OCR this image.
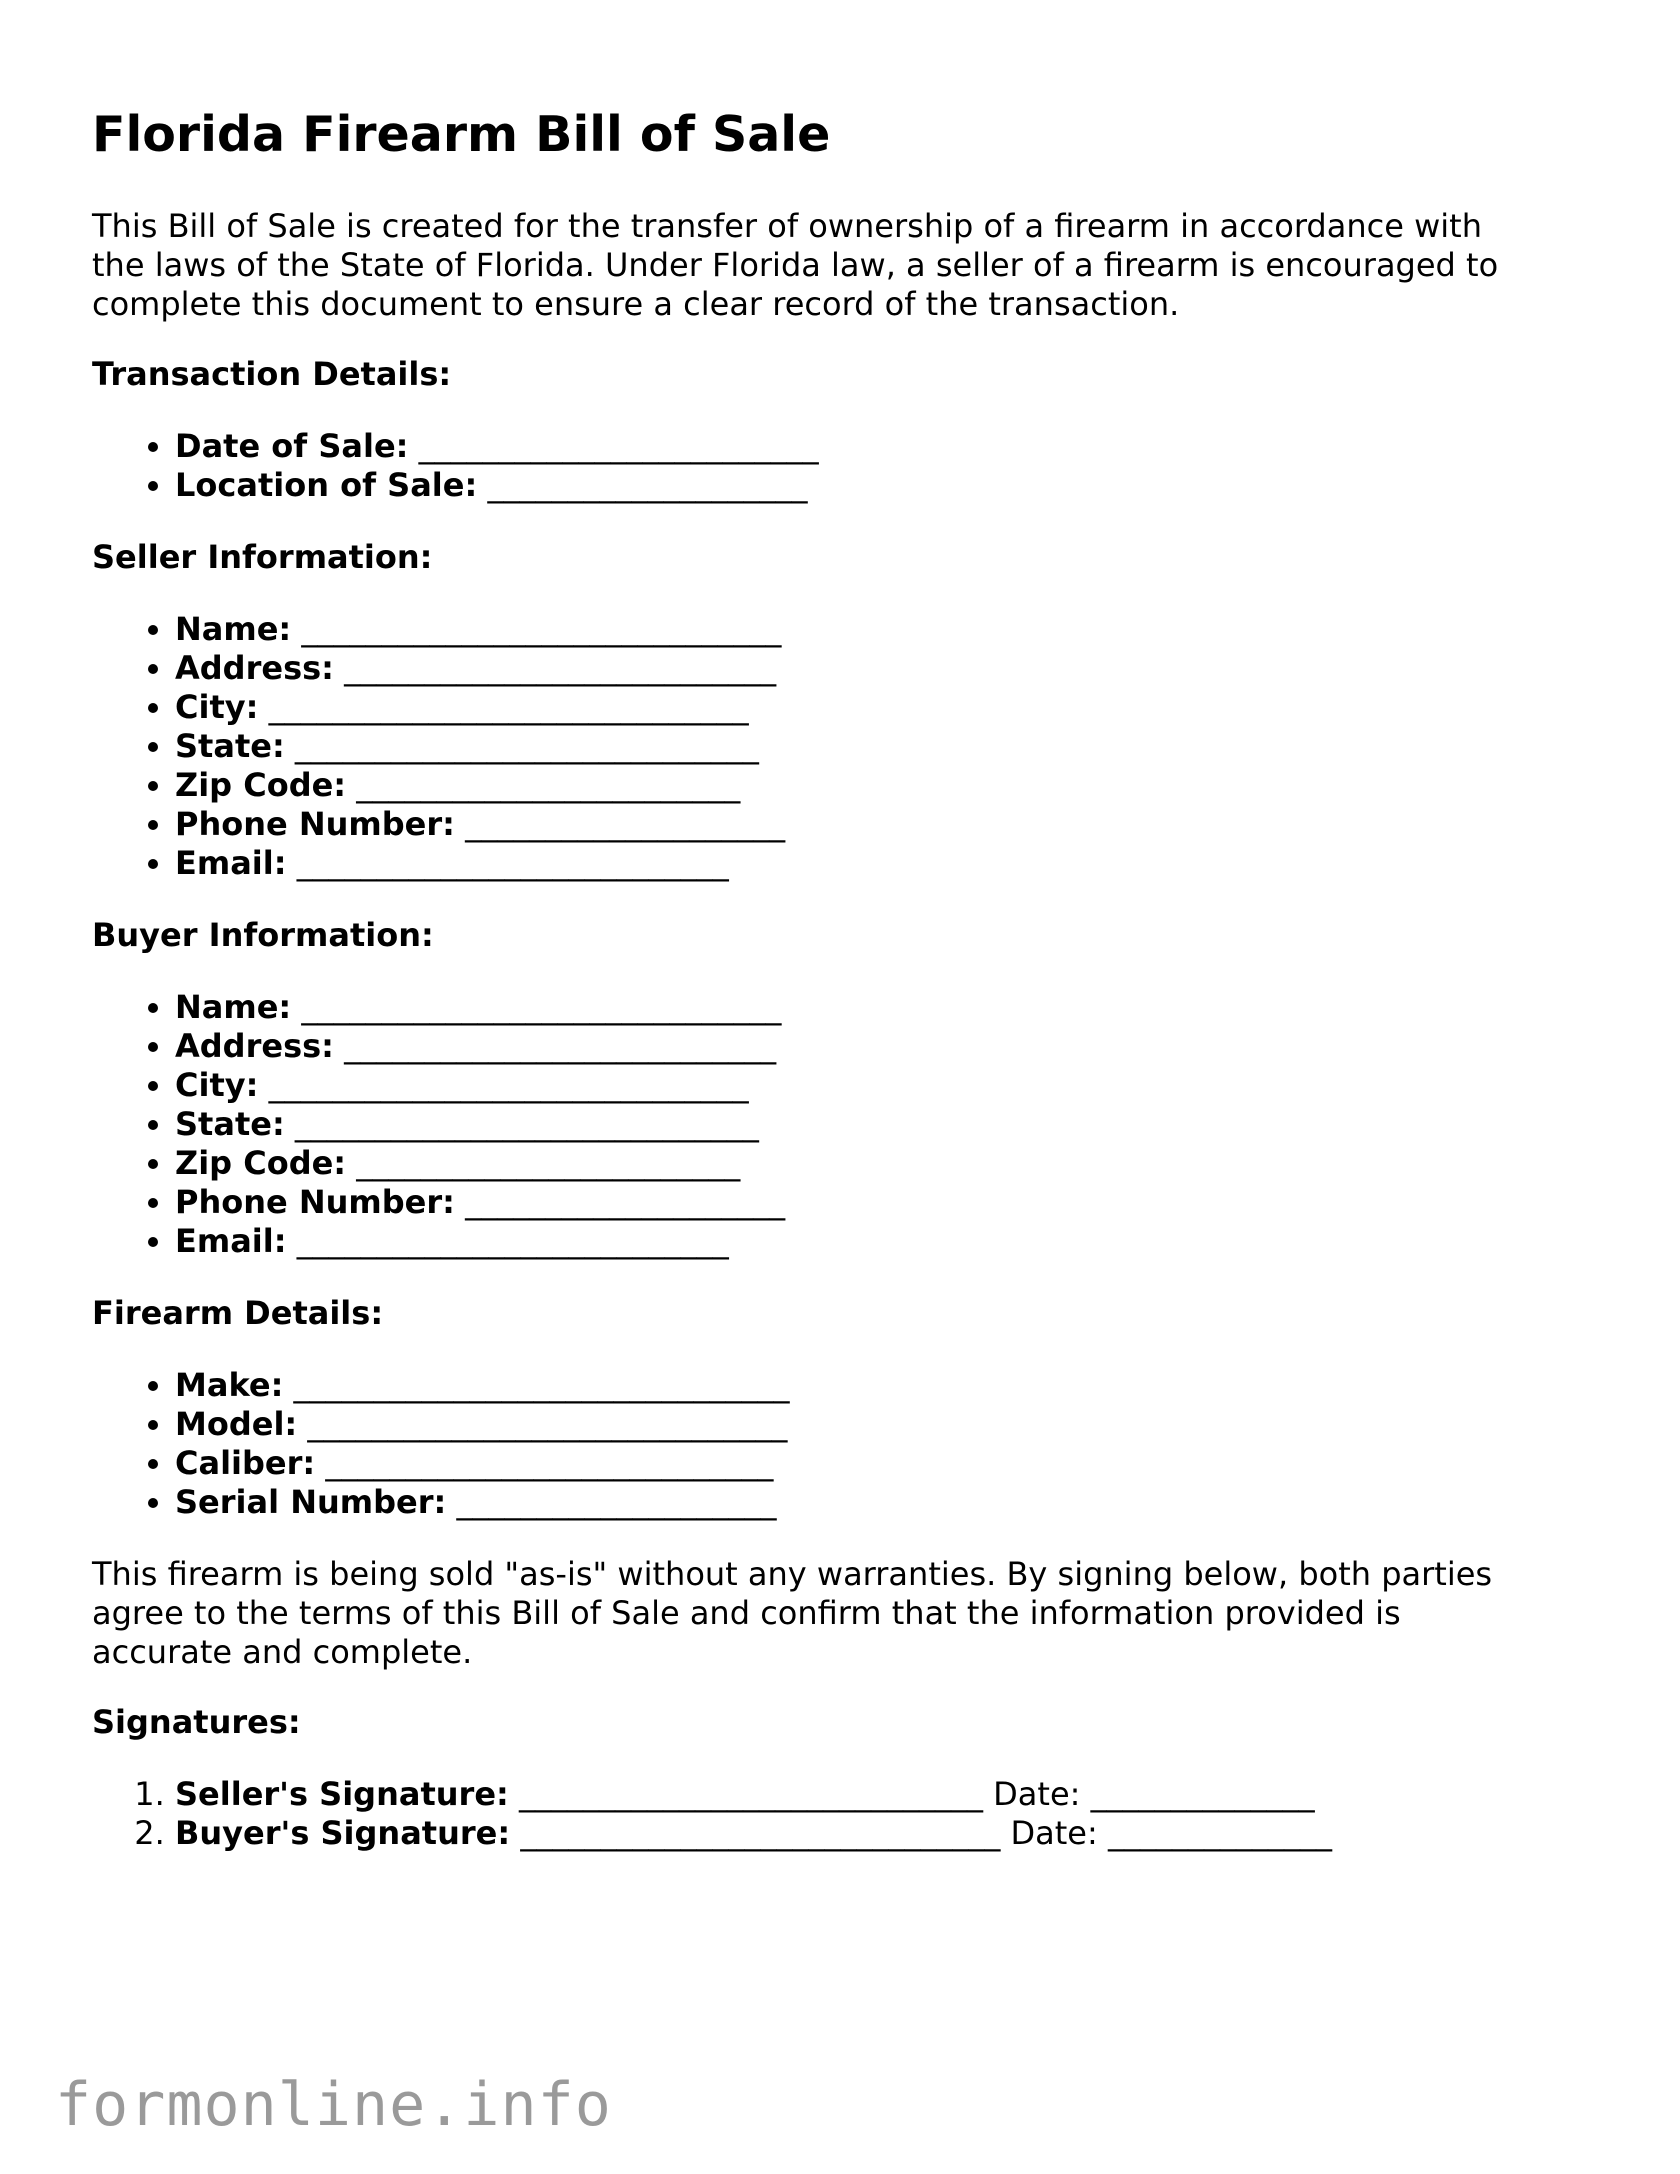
Florida Firearm Bill of Sale

This Bill of Sale is created for the transfer of ownership of a firearm in accordance with
the laws of the State of Florida. Under Florida law, a seller of a firearm is encouraged to
complete this document to ensure a clear record of the transaction.

Transaction Details:
• Date of Sale: _________________________
• Location of Sale: ____________________
Seller Information:
• Name: ______________________________
• Address: ___________________________
• City: ______________________________
• State: _____________________________
• Zip Code: ________________________
• Phone Number: ____________________
• Email: ___________________________
Buyer Information:
• Name: ______________________________
• Address: ___________________________
• City: ______________________________
• State: _____________________________
• Zip Code: ________________________
• Phone Number: ____________________
• Email: ___________________________
Firearm Details:
• Make: _______________________________
• Model: ______________________________
• Caliber: ____________________________
• Serial Number: ____________________

This firearm is being sold "as-is" without any warranties. By signing below, both parties
agree to the terms of this Bill of Sale and confirm that the information provided is
accurate and complete.

Signatures:
1. Seller's Signature: _____________________________ Date: ______________
2. Buyer's Signature: ______________________________ Date: ______________
formonline.info
